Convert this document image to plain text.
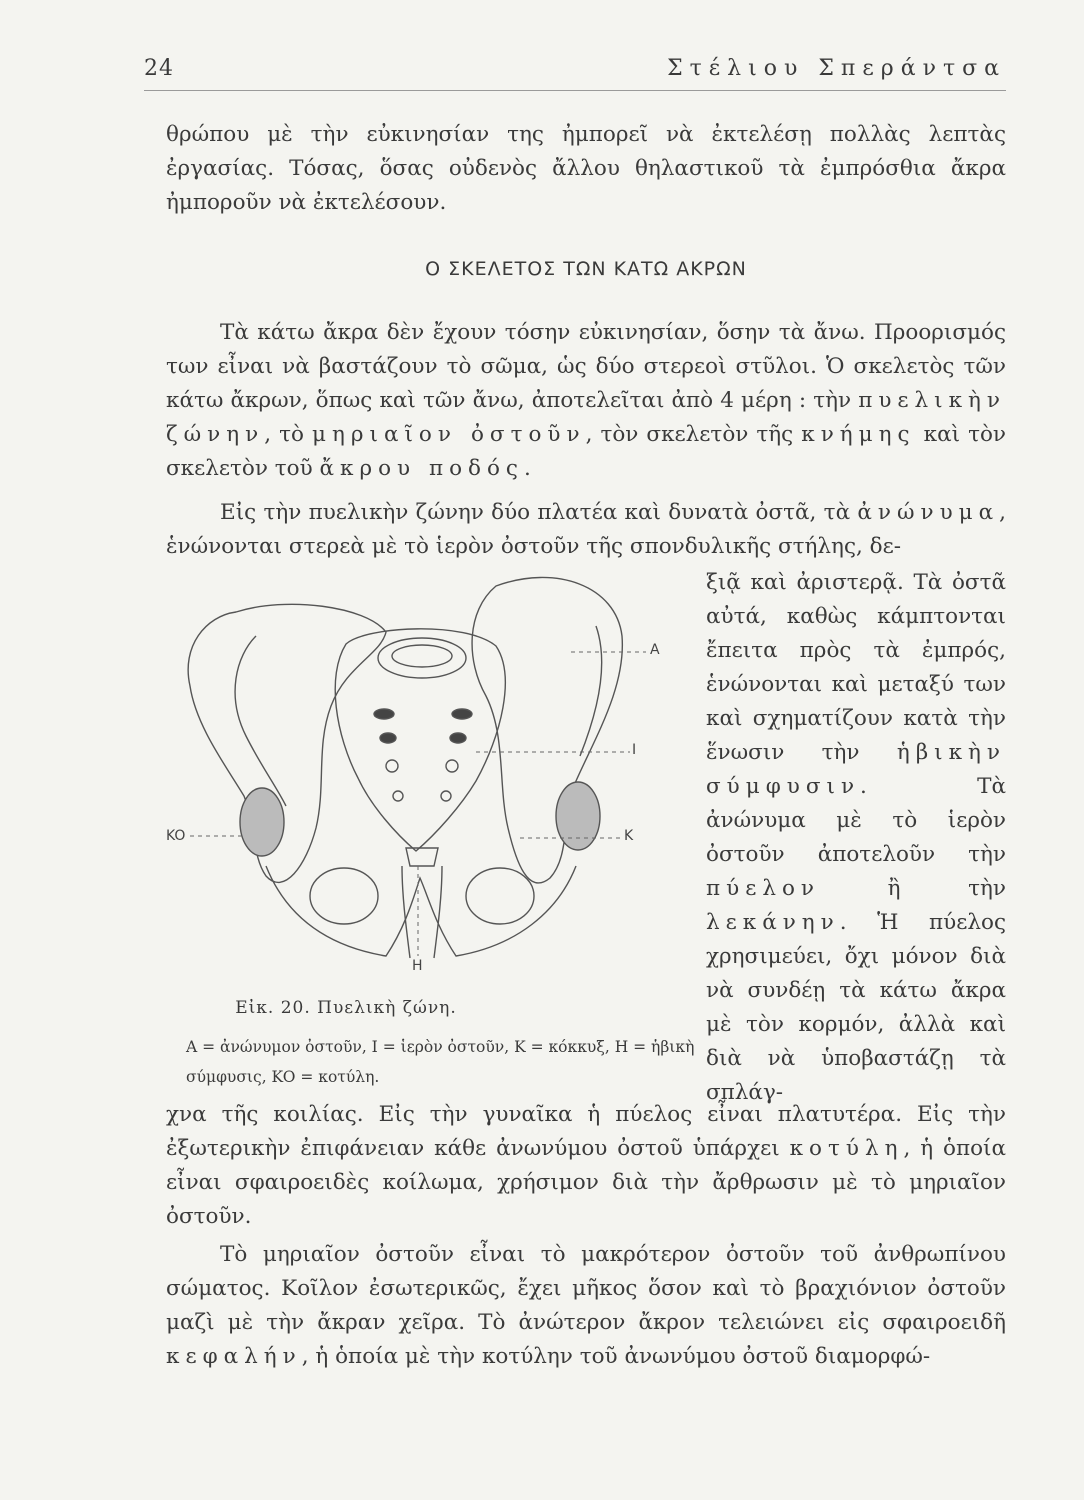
24	Στέλιου Σπεράντσα

θρώπου μὲ τὴν εὐκινησίαν της ἠμπορεῖ νὰ ἐκτελέσῃ πολλὰς λεπτὰς ἐργασίας. Τόσας, ὅσας οὐδενὸς ἄλλου θηλαστικοῦ τὰ ἐμπρόσθια ἄκρα ἠμποροῦν νὰ ἐκτελέσουν.

Ο ΣΚΕΛΕΤΟΣ ΤΩΝ ΚΑΤΩ ΑΚΡΩΝ

Τὰ κάτω ἄκρα δὲν ἔχουν τόσην εὐκινησίαν, ὅσην τὰ ἄνω. Προορισμός των εἶναι νὰ βαστάζουν τὸ σῶμα, ὡς δύο στερεοὶ στῦλοι. Ὁ σκελετὸς τῶν κάτω ἄκρων, ὅπως καὶ τῶν ἄνω, ἀποτελεῖται ἀπὸ 4 μέρη : τὴν πυελικὴν ζώνην, τὸ μηριαῖον ὀστοῦν, τὸν σκελετὸν τῆς κνήμης καὶ τὸν σκελετὸν τοῦ ἄκρου ποδός.

Εἰς τὴν πυελικὴν ζώνην δύο πλατέα καὶ δυνατὰ ὀστᾶ, τὰ ἀνώνυμα, ἑνώνονται στερεὰ μὲ τὸ ἱερὸν ὀστοῦν τῆς σπονδυλικῆς στήλης, δε-

ξιᾷ καὶ ἀριστερᾷ. Τὰ ὀστᾶ αὐτά, καθὼς κάμπτονται ἔπειτα πρὸς τὰ ἐμπρός, ἑνώνονται καὶ μεταξύ των καὶ σχηματίζουν κατὰ τὴν ἕνωσιν τὴν ἡβικὴν σύμφυσιν. Τὰ ἀνώνυμα μὲ τὸ ἱερὸν ὀστοῦν ἀποτελοῦν τὴν πύελον	ἢ τὴν λεκάνην. Ἡ πύελος χρησιμεύει, ὄχι μόνον διὰ νὰ συνδέῃ τὰ κάτω ἄκρα μὲ τὸν κορμόν, ἀλλὰ καὶ διὰ νὰ ὑποβαστάζῃ τὰ σπλάγ-

A
I
K
KO
H
Εἰκ. 20. Πυελικὴ ζώνη.
A = ἀνώνυμον ὀστοῦν, I = ἱερὸν ὀστοῦν, K = κόκκυξ, H = ἡβικὴ σύμφυσις, KO = κοτύλη.

χνα τῆς κοιλίας. Εἰς τὴν γυναῖκα ἡ πύελος εἶναι πλατυτέρα. Εἰς τὴν ἐξωτερικὴν ἐπιφάνειαν κάθε ἀνωνύμου ὀστοῦ ὑπάρχει κοτύλη, ἡ ὁποία εἶναι σφαιροειδὲς κοίλωμα, χρήσιμον διὰ τὴν ἄρθρωσιν μὲ τὸ μηριαῖον ὀστοῦν.

Τὸ μηριαῖον ὀστοῦν εἶναι τὸ μακρότερον ὀστοῦν τοῦ ἀνθρωπίνου σώματος. Κοῖλον ἐσωτερικῶς, ἔχει μῆκος ὅσον καὶ τὸ βραχιόνιον ὀστοῦν μαζὶ μὲ τὴν ἄκραν χεῖρα. Τὸ ἀνώτερον ἄκρον τελειώνει εἰς σφαιροειδῆ κεφαλήν, ἡ ὁποία μὲ τὴν κοτύλην τοῦ ἀνωνύμου ὀστοῦ διαμορφώ-
